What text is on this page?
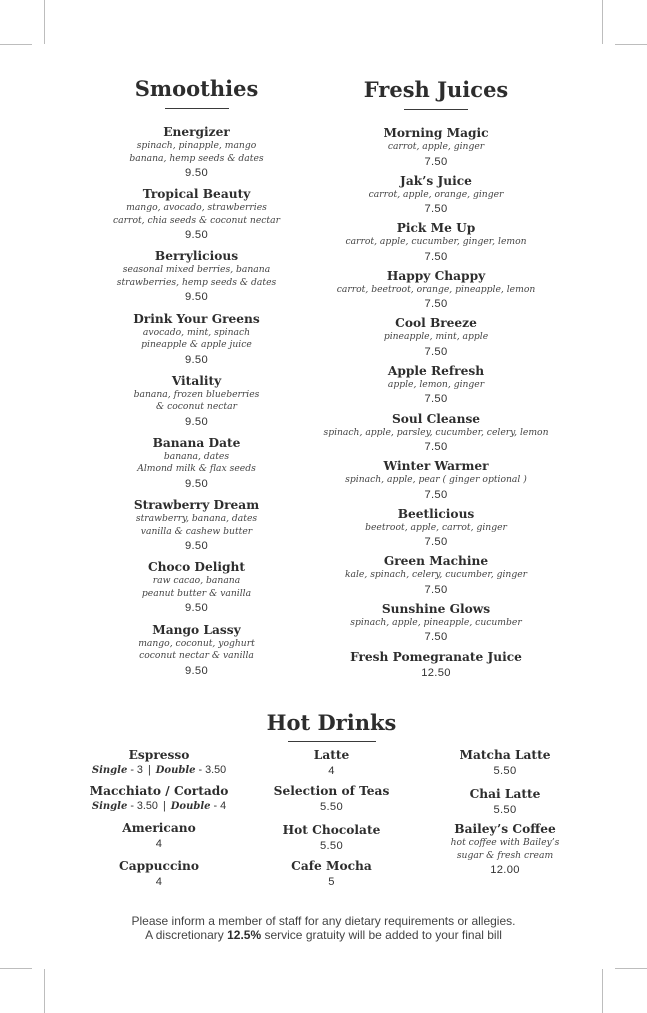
Smoothies
Energizer
spinach, pinapple, mango
banana, hemp seeds & dates
9.50
Tropical Beauty
mango, avocado, strawberries
carrot, chia seeds & coconut nectar
9.50
Berrylicious
seasonal mixed berries, banana
strawberries, hemp seeds & dates
9.50
Drink Your Greens
avocado, mint, spinach
pineapple & apple juice
9.50
Vitality
banana, frozen blueberries
& coconut nectar
9.50
Banana Date
banana, dates
Almond milk & flax seeds
9.50
Strawberry Dream
strawberry, banana, dates
vanilla & cashew butter
9.50
Choco Delight
raw cacao, banana
peanut butter & vanilla
9.50
Mango Lassy
mango, coconut, yoghurt
coconut nectar & vanilla
9.50
Fresh Juices
Morning Magic
carrot, apple, ginger
7.50
Jak’s Juice
carrot, apple, orange, ginger
7.50
Pick Me Up
carrot, apple, cucumber, ginger, lemon
7.50
Happy Chappy
carrot, beetroot, orange, pineapple, lemon
7.50
Cool Breeze
pineapple, mint, apple
7.50
Apple Refresh
apple, lemon, ginger
7.50
Soul Cleanse
spinach, apple, parsley, cucumber, celery, lemon
7.50
Winter Warmer
spinach, apple, pear ( ginger optional )
7.50
Beetlicious
beetroot, apple, carrot, ginger
7.50
Green Machine
kale, spinach, celery, cucumber, ginger
7.50
Sunshine Glows
spinach, apple, pineapple, cucumber
7.50
Fresh Pomegranate Juice
12.50
Hot Drinks
Espresso
Single - 3 | Double - 3.50
Macchiato / Cortado
Single - 3.50 | Double - 4
Americano
4
Cappuccino
4
Latte
4
Selection of Teas
5.50
Hot Chocolate
5.50
Cafe Mocha
5
Matcha Latte
5.50
Chai Latte
5.50
Bailey’s Coffee
hot coffee with Bailey’s
sugar & fresh cream
12.00
Please inform a member of staff for any dietary requirements or allegies.
A discretionary 12.5% service gratuity will be added to your final bill
